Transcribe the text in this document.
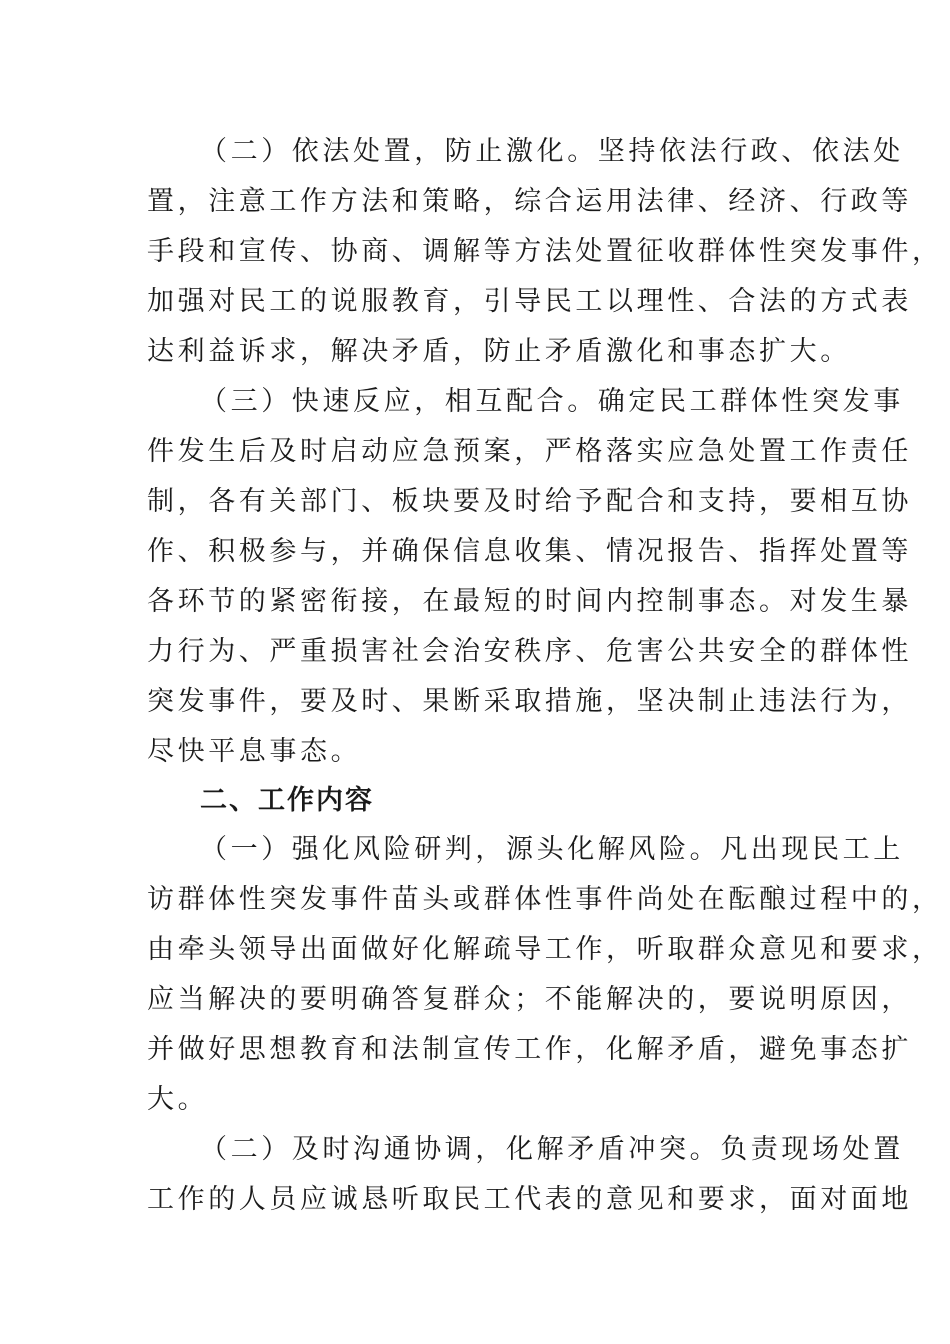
（二）依法处置，防止激化。坚持依法行政、依法处
置，注意工作方法和策略，综合运用法律、经济、行政等
手段和宣传、协商、调解等方法处置征收群体性突发事件，
加强对民工的说服教育，引导民工以理性、合法的方式表
达利益诉求，解决矛盾，防止矛盾激化和事态扩大。
（三）快速反应，相互配合。确定民工群体性突发事
件发生后及时启动应急预案，严格落实应急处置工作责任
制，各有关部门、板块要及时给予配合和支持，要相互协
作、积极参与，并确保信息收集、情况报告、指挥处置等
各环节的紧密衔接，在最短的时间内控制事态。对发生暴
力行为、严重损害社会治安秩序、危害公共安全的群体性
突发事件，要及时、果断采取措施，坚决制止违法行为，
尽快平息事态。
二、工作内容
（一）强化风险研判，源头化解风险。凡出现民工上
访群体性突发事件苗头或群体性事件尚处在酝酿过程中的，
由牵头领导出面做好化解疏导工作，听取群众意见和要求，
应当解决的要明确答复群众；不能解决的，要说明原因，
并做好思想教育和法制宣传工作，化解矛盾，避免事态扩
大。
（二）及时沟通协调，化解矛盾冲突。负责现场处置
工作的人员应诚恳听取民工代表的意见和要求，面对面地
